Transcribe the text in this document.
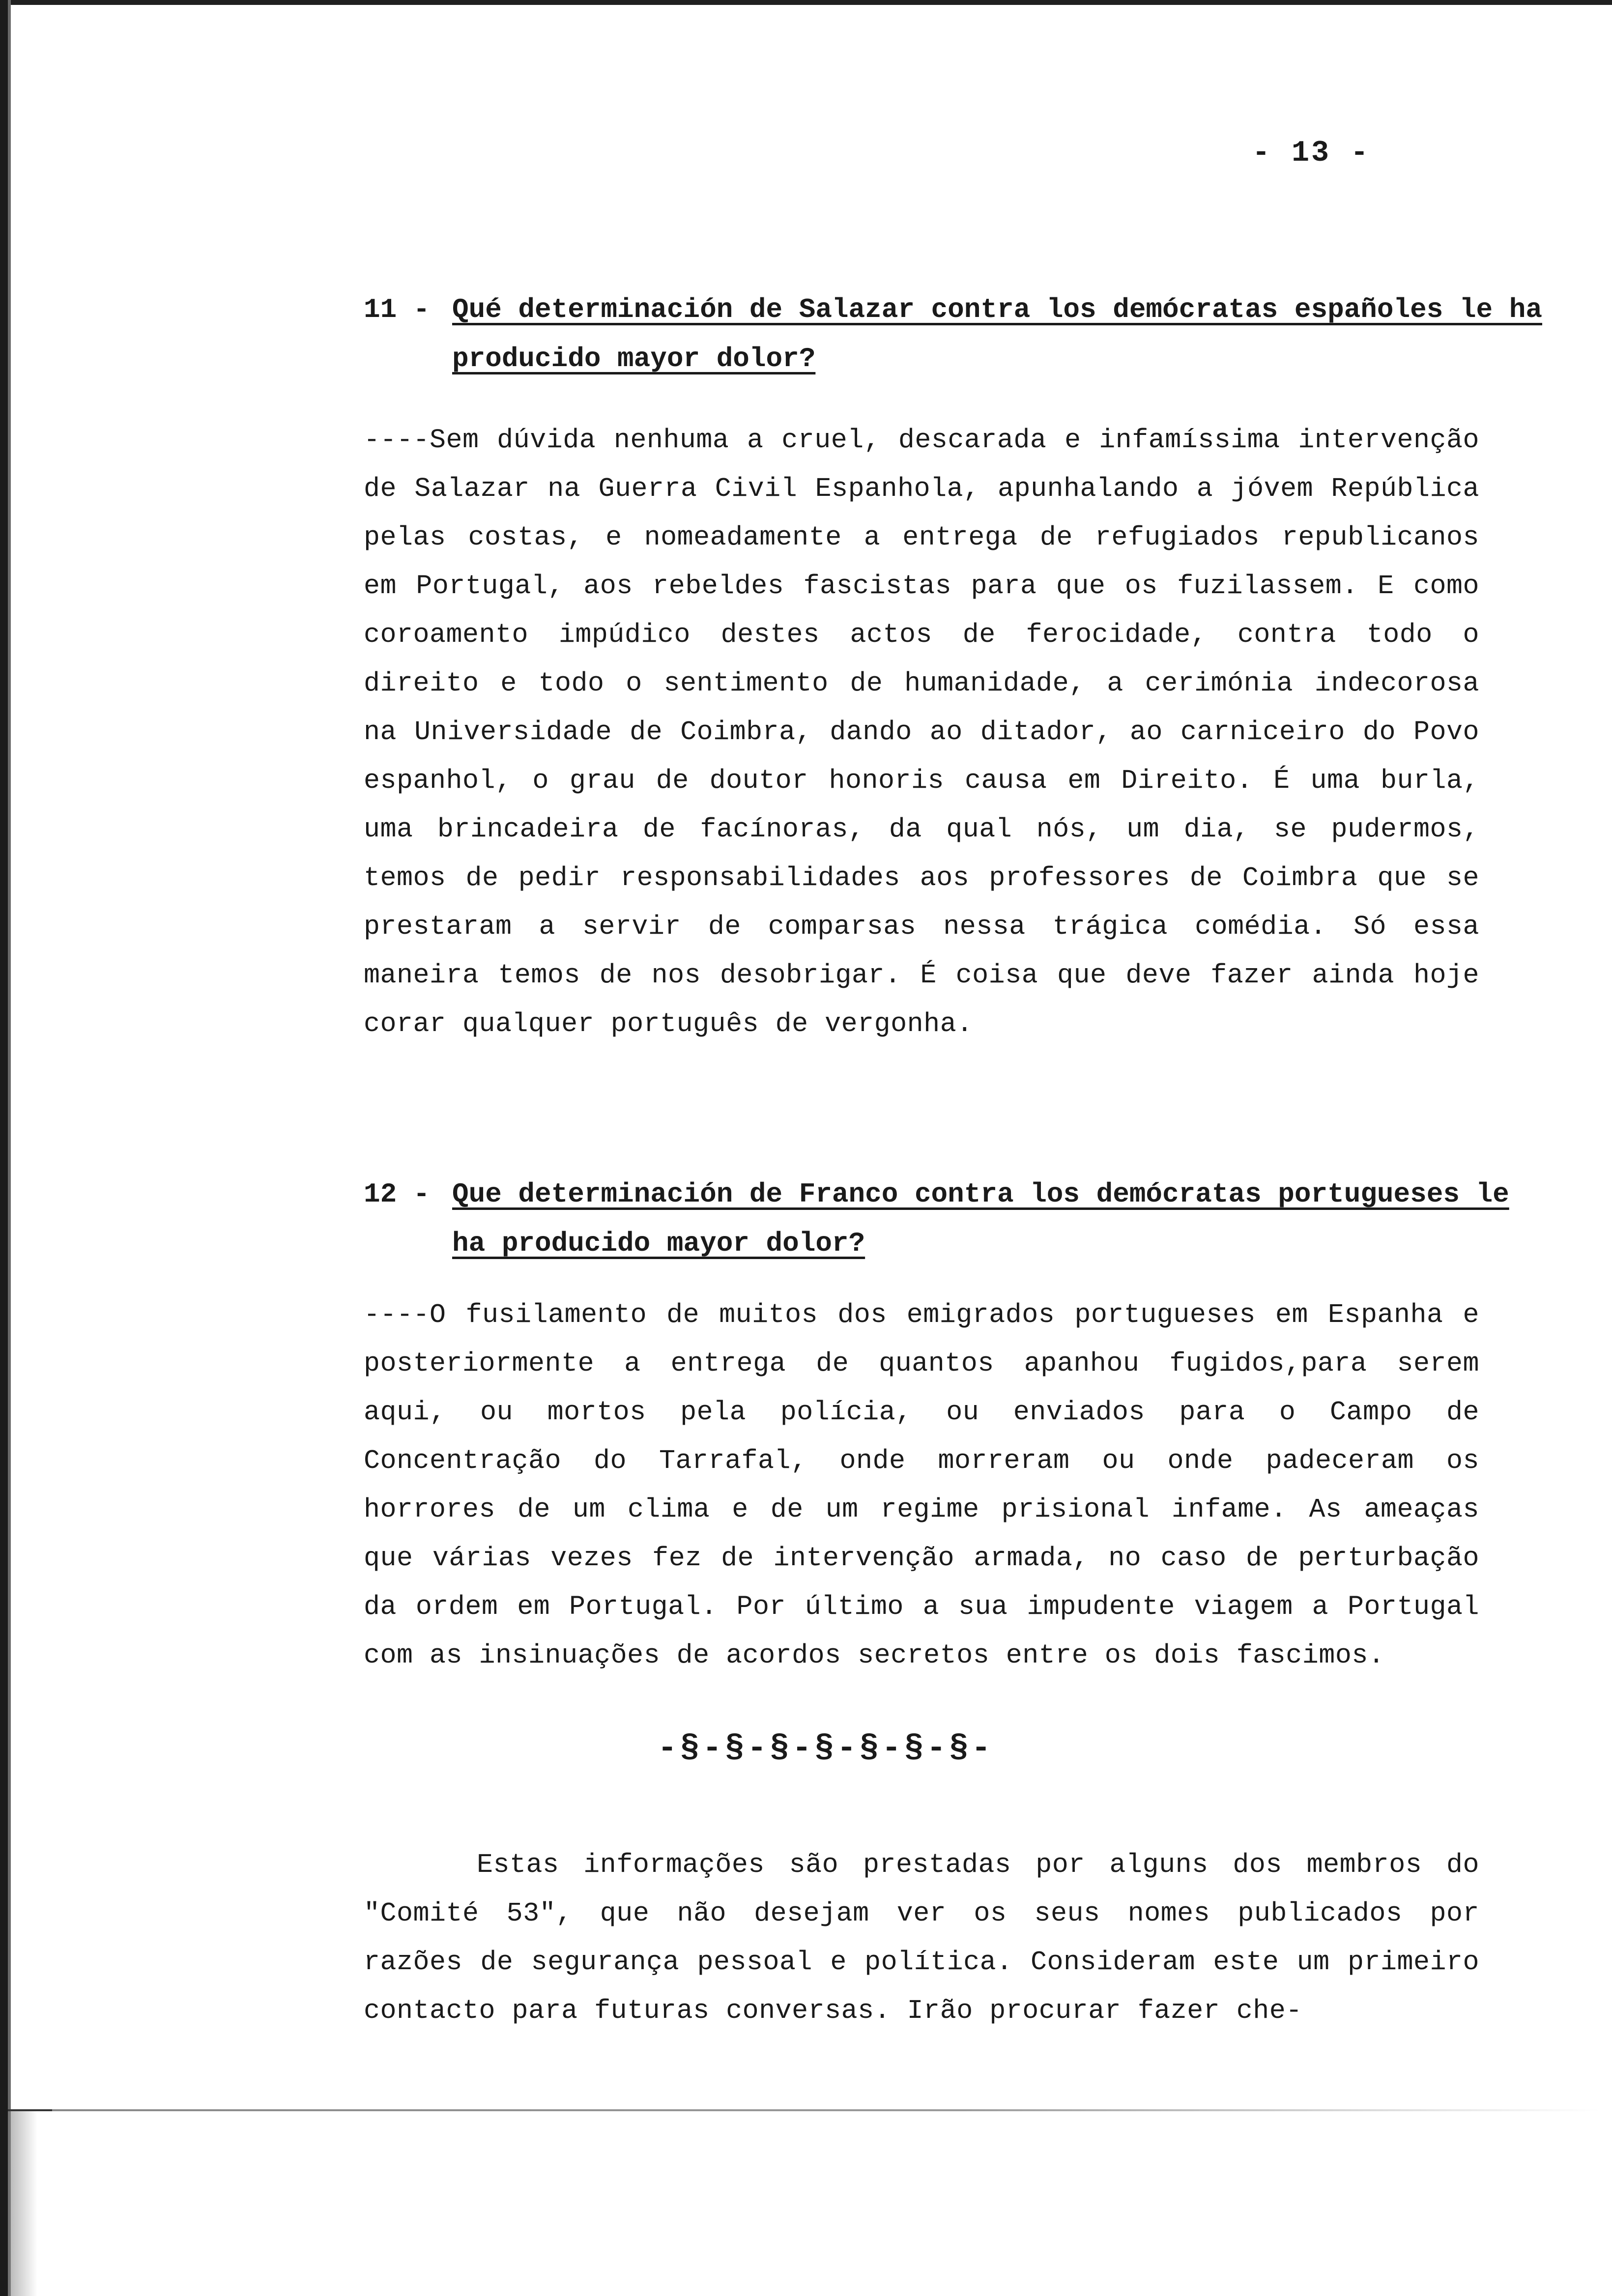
- 13 -
11 - Qué determinación de Salazar contra los demócratas españoles le ha producido mayor dolor?
----Sem dúvida nenhuma a cruel, descarada e infamíssima intervenção de Salazar na Guerra Civil Espanhola, apunhalando a jóvem República pelas costas, e nomeadamente a entrega de refugiados republicanos em Portugal, aos rebeldes fascistas para que os fuzilassem. E como coroamento impúdico destes actos de ferocidade, contra todo o direito e todo o sentimento de humanidade, a cerimónia indecorosa na Universidade de Coimbra, dando ao ditador, ao carniceiro do Povo espanhol, o grau de doutor honoris causa em Direito. É uma burla, uma brincadeira de facínoras, da qual nós, um dia, se pudermos, temos de pedir responsabilidades aos professores de Coimbra que se prestaram a servir de comparsas nessa trágica comédia. Só essa maneira temos de nos desobrigar. É coisa que deve fazer ainda hoje corar qualquer português de vergonha.
12 - Que determinación de Franco contra los demócratas portugueses le ha producido mayor dolor?
----O fusilamento de muitos dos emigrados portugueses em Espanha e posteriormente a entrega de quantos apanhou fugidos,para serem aqui, ou mortos pela polícia, ou enviados para o Campo de Concentração do Tarrafal, onde morreram ou onde padeceram os horrores de um clima e de um regime prisional infame. As ameaças que várias vezes fez de intervenção armada, no caso de perturbação da ordem em Portugal. Por último a sua impudente viagem a Portugal com as insinuações de acordos secretos entre os dois fascimos.
-§-§-§-§-§-§-§-
Estas informações são prestadas por alguns dos membros do "Comité 53", que não desejam ver os seus nomes publicados por razões de segurança pessoal e política. Consideram este um primeiro contacto para futuras conversas. Irão procurar fazer che-
